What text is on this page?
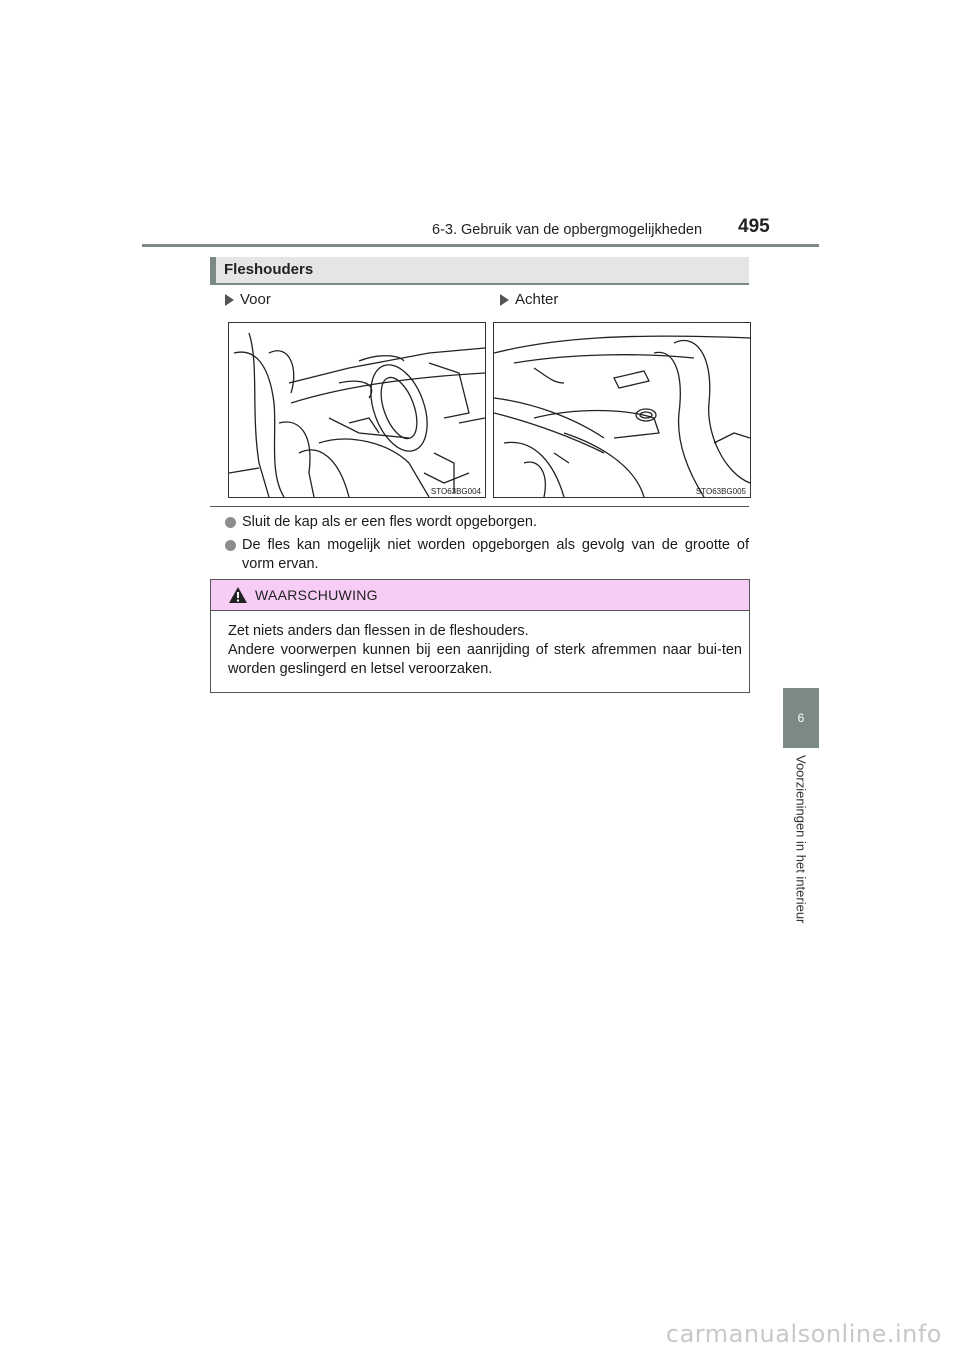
6-3. Gebruik van de opbergmogelijkheden 495
6
Voorzieningen in het interieur
Fleshouders
Voor	Achter
STO63BG004	STO63BG005
Sluit de kap als er een fles wordt opgeborgen.
De fles kan mogelijk niet worden opgeborgen als gevolg van de grootte of vorm ervan.
WAARSCHUWING

Zet niets anders dan flessen in de fleshouders.

Andere voorwerpen kunnen bij een aanrijding of sterk afremmen naar bui-ten worden geslingerd en letsel veroorzaken.

carmanualsonline.info
